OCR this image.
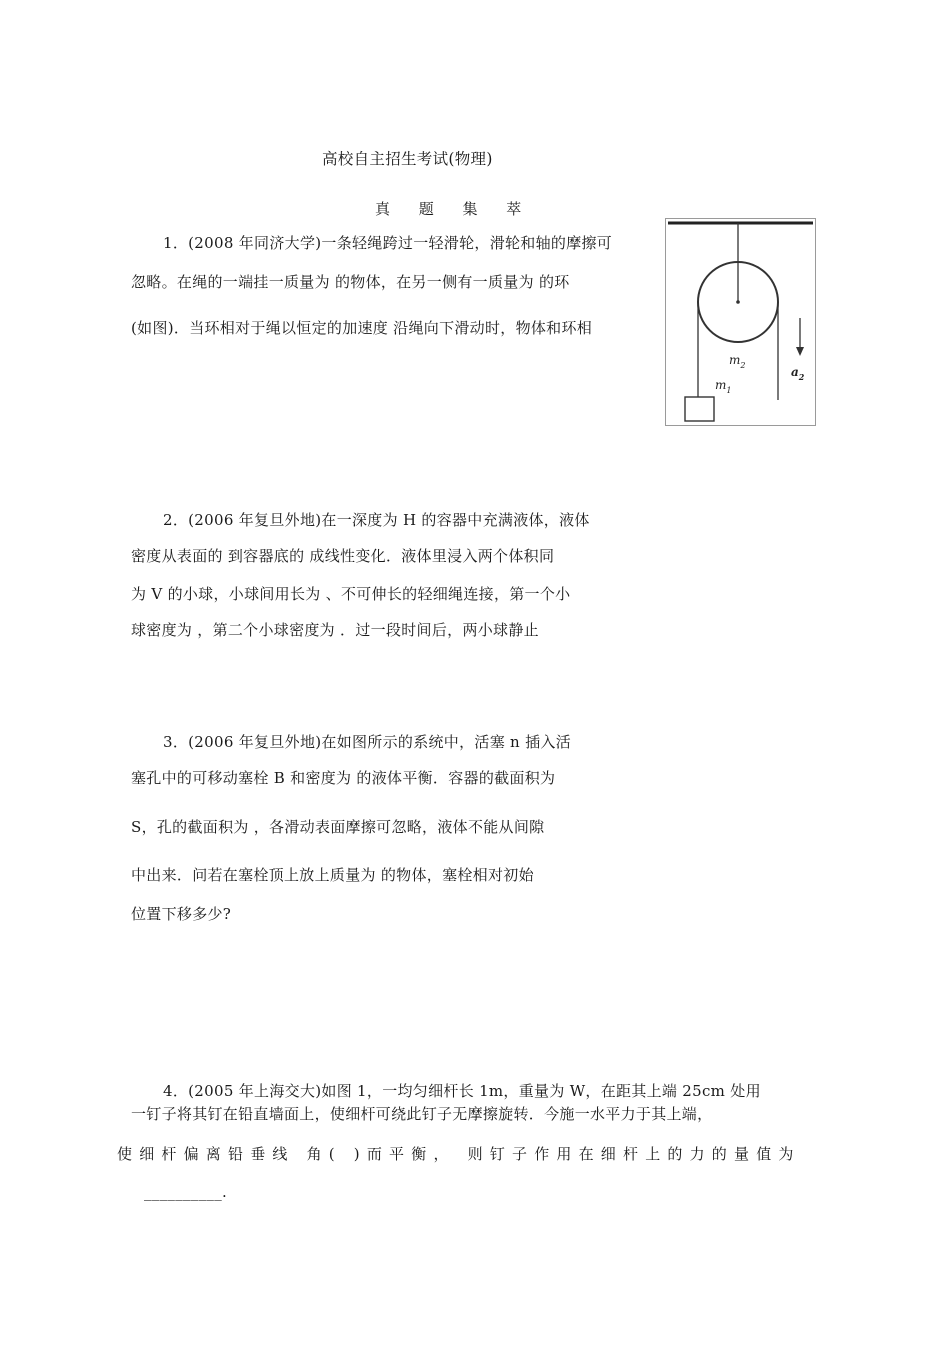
高校自主招生考试(物理)
真 题 集 萃
1．(2008 年同济大学)一条轻绳跨过一轻滑轮，滑轮和轴的摩擦可
忽略。在绳的一端挂一质量为 的物体，在另一侧有一质量为 的环
(如图)．当环相对于绳以恒定的加速度 沿绳向下滑动时，物体和环相
$m_2$
$m_1$
$a_2$
2．(2006 年复旦外地)在一深度为 H 的容器中充满液体，液体
密度从表面的 到容器底的 成线性变化．液体里浸入两个体积同
为 V 的小球，小球间用长为 、不可伸长的轻细绳连接，第一个小
球密度为 ，第二个小球密度为 ．过一段时间后，两小球静止
3．(2006 年复旦外地)在如图所示的系统中，活塞 n 插入活
塞孔中的可移动塞栓 B 和密度为 的液体平衡．容器的截面积为
S，孔的截面积为 ，各滑动表面摩擦可忽略，液体不能从间隙
中出来．问若在塞栓顶上放上质量为 的物体，塞栓相对初始
位置下移多少?
4．(2005 年上海交大)如图 1，一均匀细杆长 1m，重量为 W，在距其上端 25cm 处用
一钉子将其钉在铅直墙面上，使细杆可绕此钉子无摩擦旋转．今施一水平力于其上端，
使细杆偏离铅垂线 角( )而平衡， 则钉子作用在细杆上的力的量值为
__________.
